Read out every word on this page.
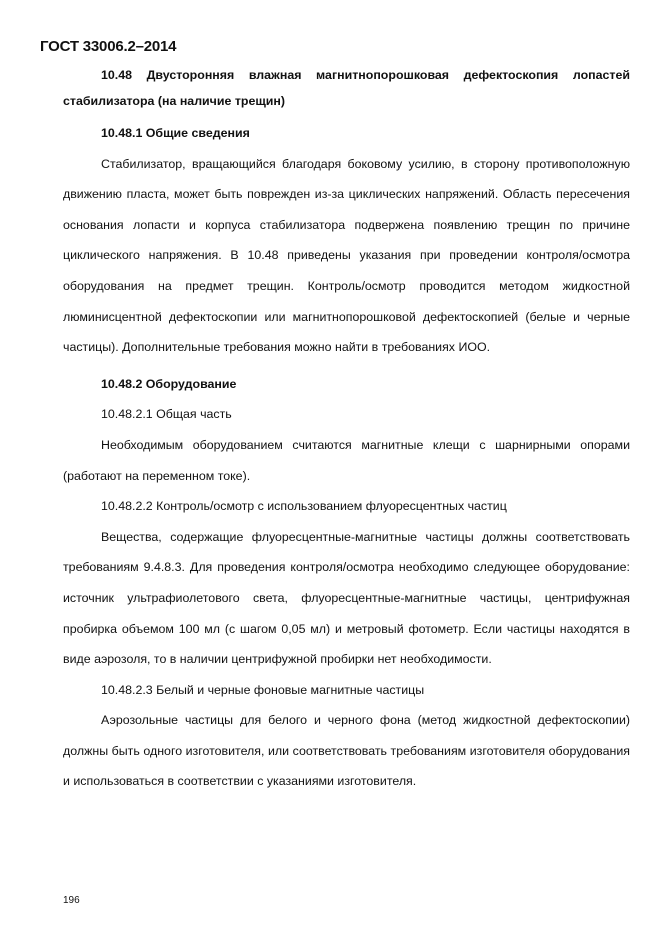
ГОСТ 33006.2–2014

10.48 Двусторонняя влажная магнитнопорошковая дефектоскопия лопастей стабилизатора (на наличие трещин)

10.48.1 Общие сведения

Стабилизатор, вращающийся благодаря боковому усилию, в сторону противоположную движению пласта, может быть поврежден из-за циклических напряжений. Область пересечения основания лопасти и корпуса стабилизатора подвержена появлению трещин по причине циклического напряжения. В 10.48 приведены указания при проведении контроля/осмотра оборудования на предмет трещин. Контроль/осмотр проводится методом жидкостной люминисцентной дефектоскопии или магнитнопорошковой дефектоскопией (белые и черные частицы). Дополнительные требования можно найти в требованиях ИОО.

10.48.2 Оборудование

10.48.2.1 Общая часть

Необходимым оборудованием считаются магнитные клещи с шарнирными опорами (работают на переменном токе).

10.48.2.2 Контроль/осмотр с использованием флуоресцентных частиц

Вещества, содержащие флуоресцентные-магнитные частицы должны соответствовать требованиям 9.4.8.3. Для проведения контроля/осмотра необходимо следующее оборудование: источник ультрафиолетового света, флуоресцентные-магнитные частицы, центрифужная пробирка объемом 100 мл (с шагом 0,05 мл) и метровый фотометр. Если частицы находятся в виде аэрозоля, то в наличии центрифужной пробирки нет необходимости.

10.48.2.3 Белый и черные фоновые магнитные частицы

Аэрозольные частицы для белого и черного фона (метод жидкостной дефектоскопии) должны быть одного изготовителя, или соответствовать требованиям изготовителя оборудования и использоваться в соответствии с указаниями изготовителя.

196
